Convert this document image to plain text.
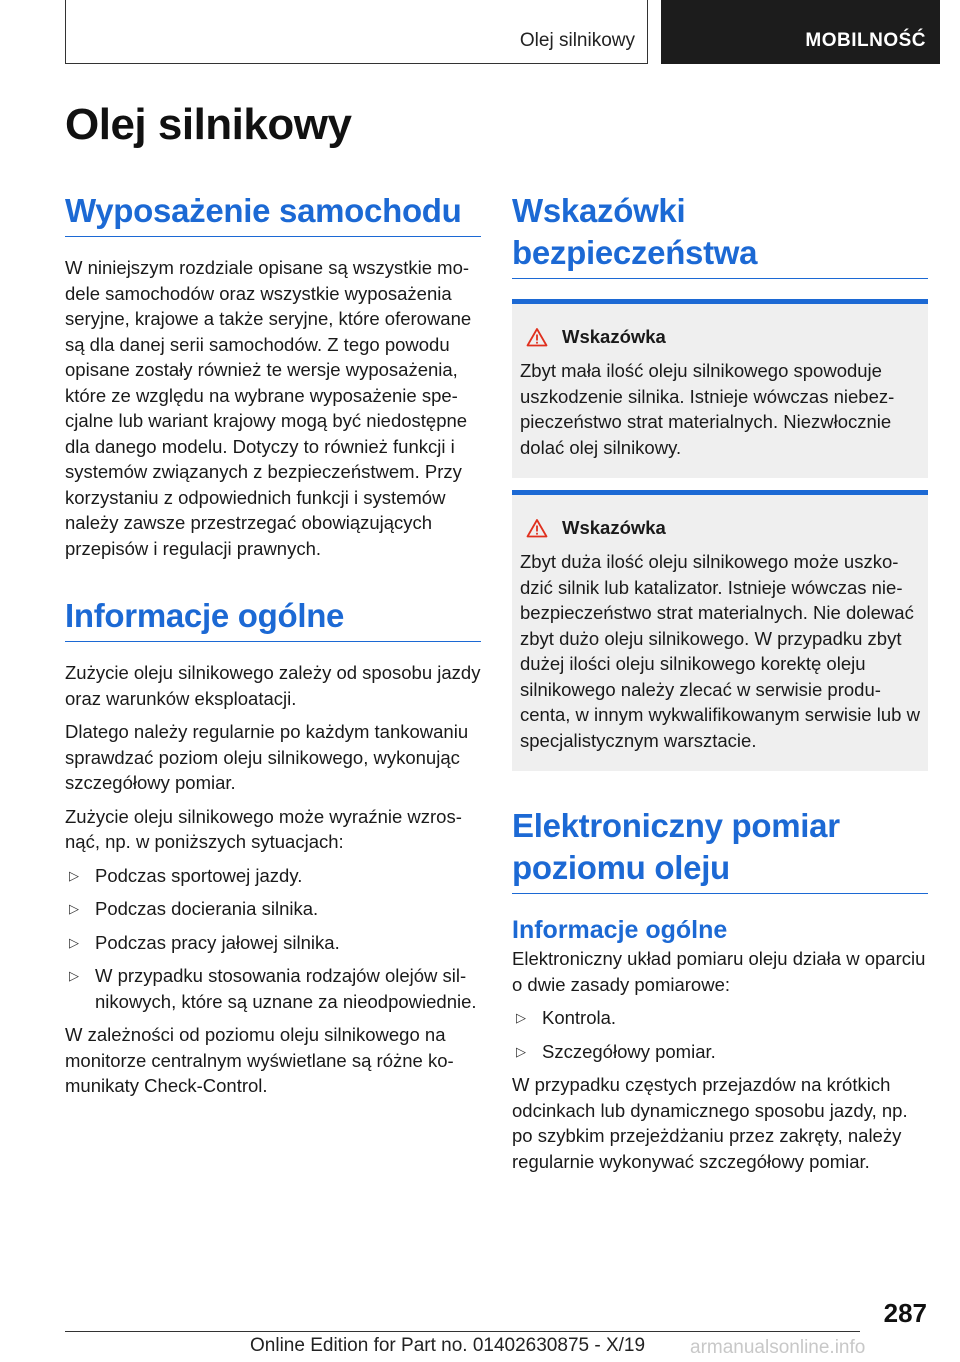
Olej silnikowy	MOBILNOŚĆ
Olej silnikowy
Wyposażenie samochodu

W niniejszym rozdziale opisane są wszystkie modele samochodów oraz wszystkie wyposażenia seryjne, krajowe a także seryjne, które oferowane są dla danej serii samochodów. Z tego powodu opisane zostały również te wersje wyposażenia, które ze względu na wybrane wyposażenie specjalne lub wariant krajowy mogą być niedostępne dla danego modelu. Dotyczy to również funkcji i systemów związanych z bezpieczeństwem. Przy korzystaniu z odpowiednich funkcji i systemów należy zawsze przestrzegać obowiązujących przepisów i regulacji prawnych.

Informacje ogólne

Zużycie oleju silnikowego zależy od sposobu jazdy oraz warunków eksploatacji.

Dlatego należy regularnie po każdym tankowaniu sprawdzać poziom oleju silnikowego, wykonując szczegółowy pomiar.

Zużycie oleju silnikowego może wyraźnie wzrosnąć, np. w poniższych sytuacjach:

▷ Podczas sportowej jazdy.
▷ Podczas docierania silnika.
▷ Podczas pracy jałowej silnika.
▷ W przypadku stosowania rodzajów olejów silnikowych, które są uznane za nieodpowiednie.

W zależności od poziomu oleju silnikowego na monitorze centralnym wyświetlane są różne komunikaty Check-Control.

Wskazówki bezpieczeństwa
Wskazówka

Zbyt mała ilość oleju silnikowego spowoduje uszkodzenie silnika. Istnieje wówczas niebezpieczeństwo strat materialnych. Niezwłocznie dolać olej silnikowy.

Wskazówka

Zbyt duża ilość oleju silnikowego może uszkodzić silnik lub katalizator. Istnieje wówczas niebezpieczeństwo strat materialnych. Nie dolewać zbyt dużo oleju silnikowego. W przypadku zbyt dużej ilości oleju silnikowego korektę oleju silnikowego należy zlecać w serwisie producenta, w innym wykwalifikowanym serwisie lub w specjalistycznym warsztacie.

Elektroniczny pomiar poziomu oleju
Informacje ogólne

Elektroniczny układ pomiaru oleju działa w oparciu o dwie zasady pomiarowe:

▷ Kontrola.
▷ Szczegółowy pomiar.

W przypadku częstych przejazdów na krótkich odcinkach lub dynamicznego sposobu jazdy, np. po szybkim przejeżdżaniu przez zakręty, należy regularnie wykonywać szczegółowy pomiar.

287
Online Edition for Part no. 01402630875 - X/19 armanualsonline.info
